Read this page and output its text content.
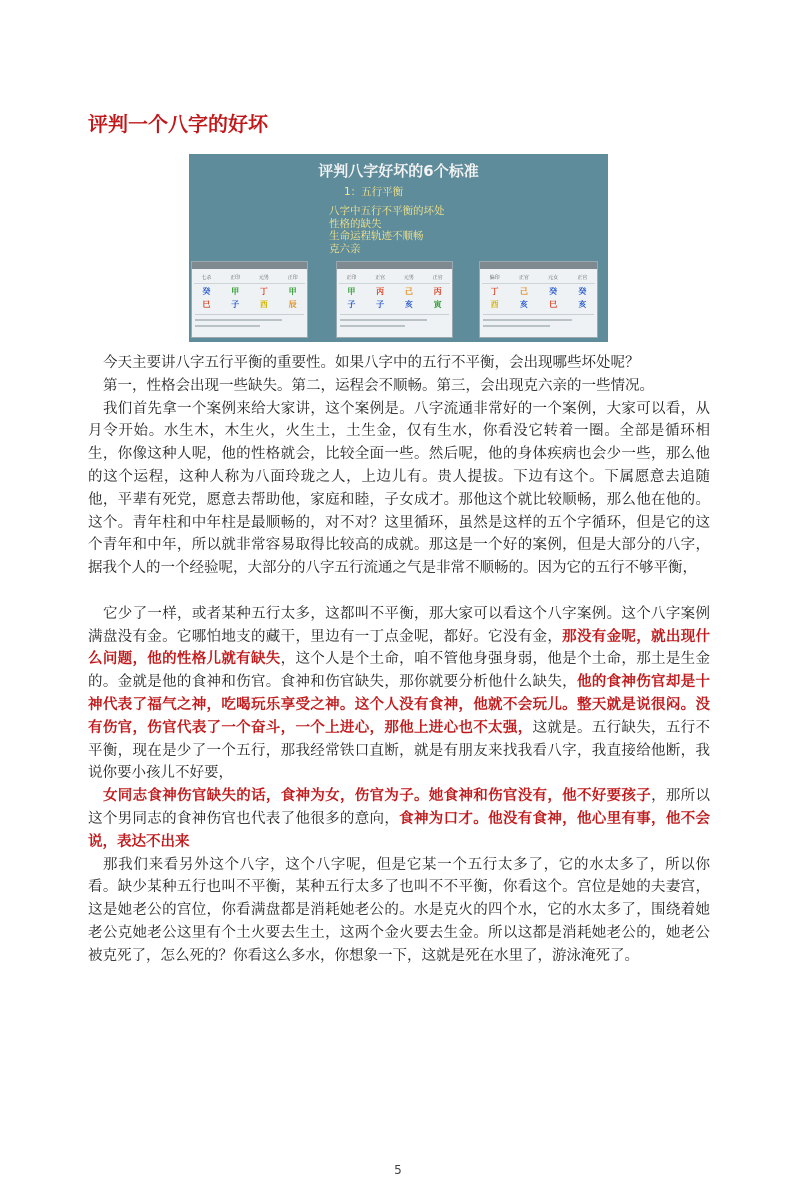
评判一个八字的好坏
评判八字好坏的6个标准
1：五行平衡
八字中五行不平衡的坏处
性格的缺失
生命运程轨迹不顺畅
克六亲
七杀	正印	元男	正印
癸	甲	丁	甲
巳	子	酉	辰
正印	正官	元男	正官
甲	丙	己	丙
子	子	亥	寅
偏印	正官	元女	正官
丁	己	癸	癸
酉	亥	巳	亥

今天主要讲八字五行平衡的重要性。如果八字中的五行不平衡，会出现哪些坏处呢？

第一，性格会出现一些缺失。第二，运程会不顺畅。第三，会出现克六亲的一些情况。

我们首先拿一个案例来给大家讲，这个案例是。八字流通非常好的一个案例，大家可以看，从月令开始。水生木，木生火，火生土，土生金，仅有生水，你看没它转着一圈。全部是循环相生，你像这种人呢，他的性格就会，比较全面一些。然后呢，他的身体疾病也会少一些，那么他的这个运程，这种人称为八面玲珑之人，上边儿有。贵人提拔。下边有这个。下属愿意去追随他，平辈有死党，愿意去帮助他，家庭和睦，子女成才。那他这个就比较顺畅，那么他在他的。这个。青年柱和中年柱是最顺畅的，对不对？这里循环，虽然是这样的五个字循环，但是它的这个青年和中年，所以就非常容易取得比较高的成就。那这是一个好的案例，但是大部分的八字，据我个人的一个经验呢，大部分的八字五行流通之气是非常不顺畅的。因为它的五行不够平衡，

它少了一样，或者某种五行太多，这都叫不平衡，那大家可以看这个八字案例。这个八字案例满盘没有金。它哪怕地支的藏干，里边有一丁点金呢，都好。它没有金，那没有金呢，就出现什么问题，他的性格儿就有缺失，这个人是个土命，咱不管他身强身弱，他是个土命，那土是生金的。金就是他的食神和伤官。食神和伤官缺失，那你就要分析他什么缺失，他的食神伤官却是十神代表了福气之神，吃喝玩乐享受之神。这个人没有食神，他就不会玩儿。整天就是说很闷。没有伤官，伤官代表了一个奋斗，一个上进心，那他上进心也不太强，这就是。五行缺失，五行不平衡，现在是少了一个五行，那我经常铁口直断，就是有朋友来找我看八字，我直接给他断，我说你要小孩儿不好要，

女同志食神伤官缺失的话，食神为女，伤官为子。她食神和伤官没有，他不好要孩子，那所以这个男同志的食神伤官也代表了他很多的意向，食神为口才。他没有食神，他心里有事，他不会说，表达不出来

那我们来看另外这个八字，这个八字呢，但是它某一个五行太多了，它的水太多了，所以你看。缺少某种五行也叫不平衡，某种五行太多了也叫不不平衡，你看这个。宫位是她的夫妻宫，这是她老公的宫位，你看满盘都是消耗她老公的。水是克火的四个水，它的水太多了，围绕着她老公克她老公这里有个土火要去生土，这两个金火要去生金。所以这都是消耗她老公的，她老公被克死了，怎么死的？你看这么多水，你想象一下，这就是死在水里了，游泳淹死了。

5
